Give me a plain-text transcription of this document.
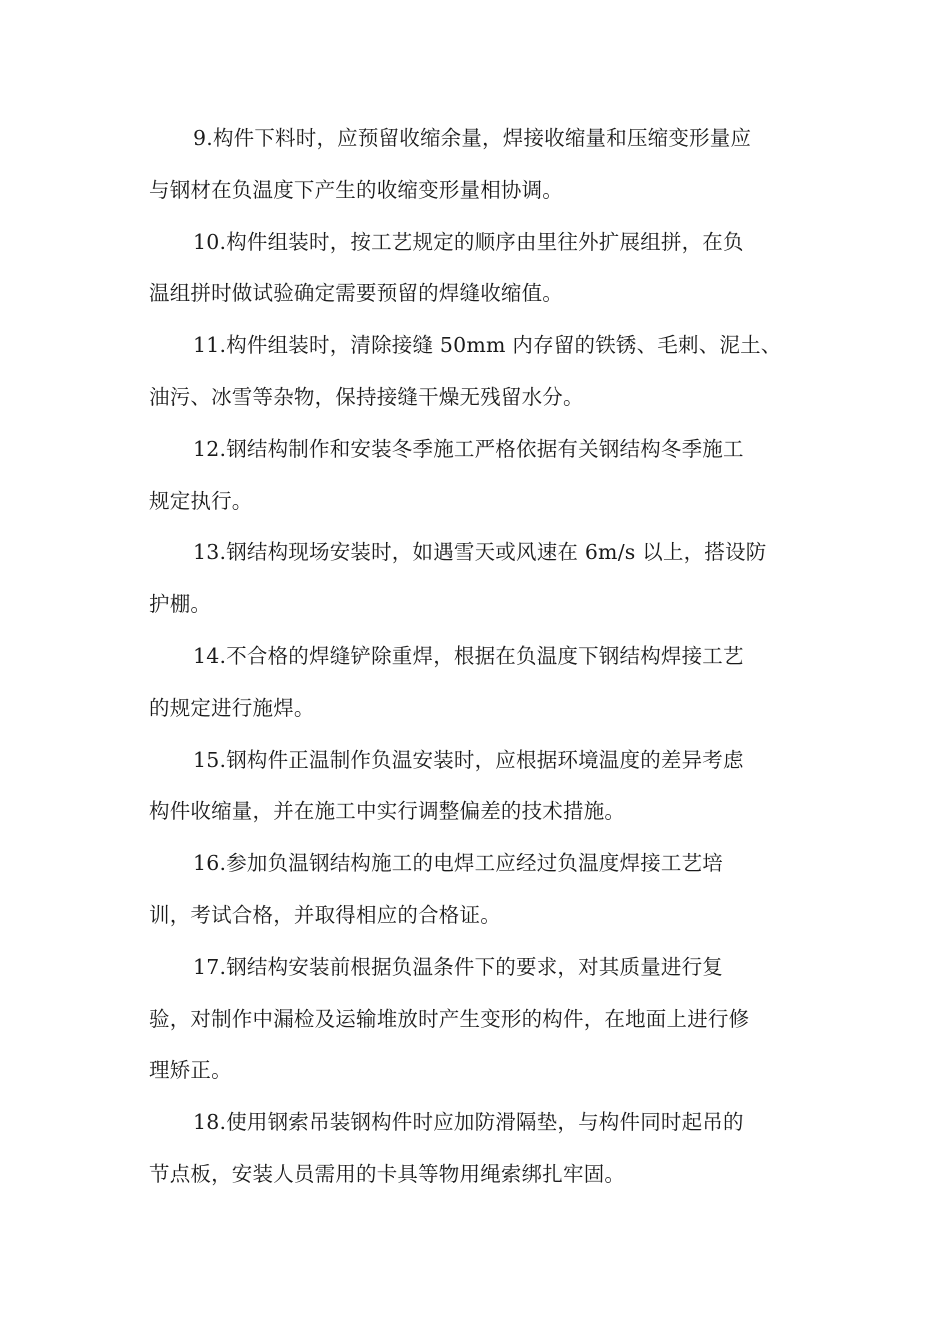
9.构件下料时，应预留收缩余量，焊接收缩量和压缩变形量应
与钢材在负温度下产生的收缩变形量相协调。
10.构件组装时，按工艺规定的顺序由里往外扩展组拼，在负
温组拼时做试验确定需要预留的焊缝收缩值。
11.构件组装时，清除接缝 50mm 内存留的铁锈、毛刺、泥土、
油污、冰雪等杂物，保持接缝干燥无残留水分。
12.钢结构制作和安装冬季施工严格依据有关钢结构冬季施工
规定执行。
13.钢结构现场安装时，如遇雪天或风速在 6m/s 以上，搭设防
护棚。
14.不合格的焊缝铲除重焊，根据在负温度下钢结构焊接工艺
的规定进行施焊。
15.钢构件正温制作负温安装时，应根据环境温度的差异考虑
构件收缩量，并在施工中实行调整偏差的技术措施。
16.参加负温钢结构施工的电焊工应经过负温度焊接工艺培
训，考试合格，并取得相应的合格证。
17.钢结构安装前根据负温条件下的要求，对其质量进行复
验，对制作中漏检及运输堆放时产生变形的构件，在地面上进行修
理矫正。
18.使用钢索吊装钢构件时应加防滑隔垫，与构件同时起吊的
节点板，安装人员需用的卡具等物用绳索绑扎牢固。
